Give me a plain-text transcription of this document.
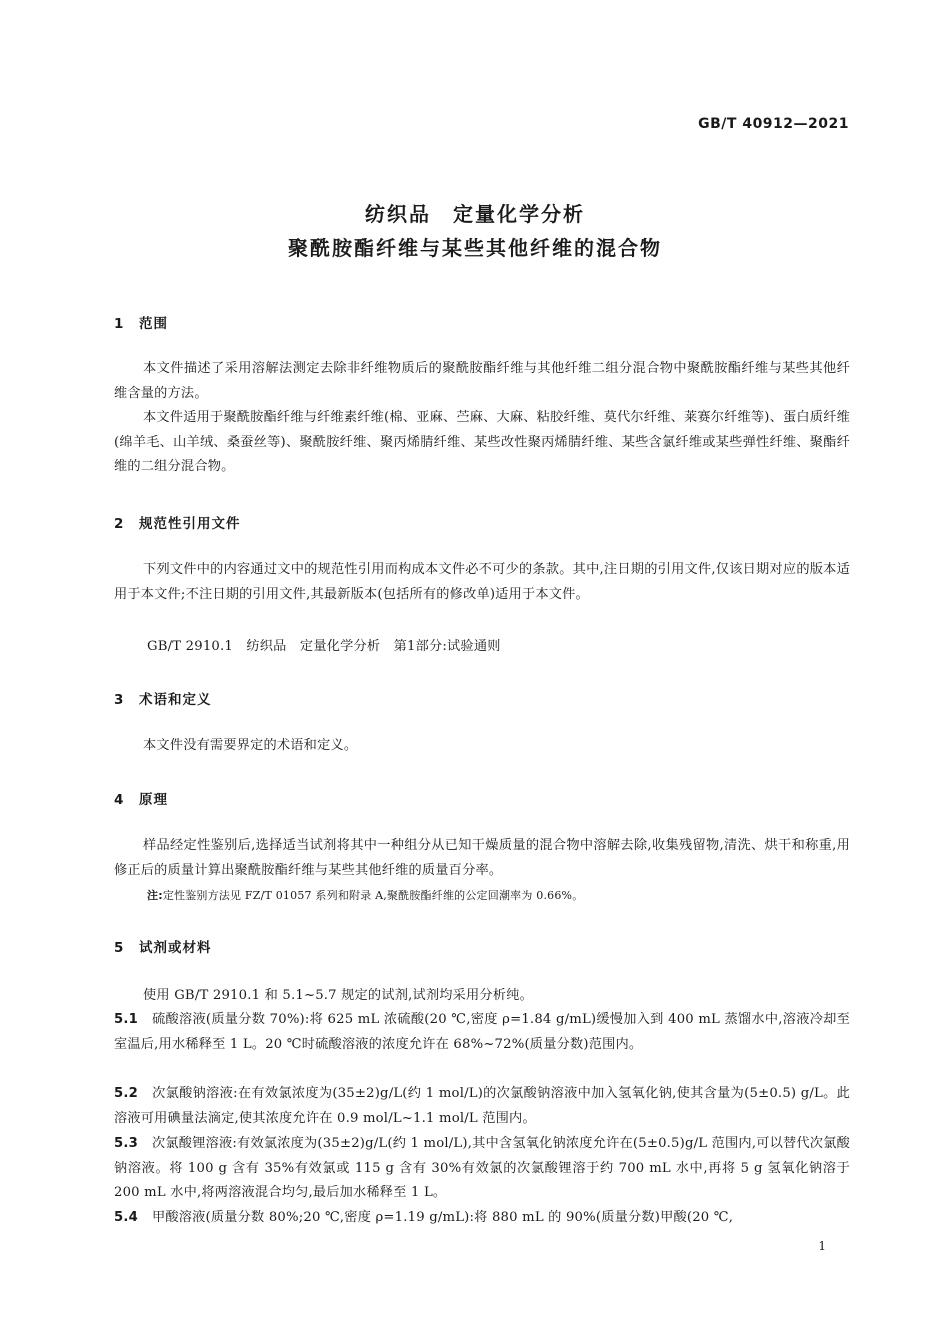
GB/T 40912—2021
纺织品　定量化学分析
聚酰胺酯纤维与某些其他纤维的混合物
1 范围

本文件描述了采用溶解法测定去除非纤维物质后的聚酰胺酯纤维与其他纤维二组分混合物中聚酰胺酯纤维与某些其他纤维含量的方法。

本文件适用于聚酰胺酯纤维与纤维素纤维(棉、亚麻、苎麻、大麻、粘胶纤维、莫代尔纤维、莱赛尔纤维等)、蛋白质纤维(绵羊毛、山羊绒、桑蚕丝等)、聚酰胺纤维、聚丙烯腈纤维、某些改性聚丙烯腈纤维、某些含氯纤维或某些弹性纤维、聚酯纤维的二组分混合物。

2 规范性引用文件

下列文件中的内容通过文中的规范性引用而构成本文件必不可少的条款。其中,注日期的引用文件,仅该日期对应的版本适用于本文件;不注日期的引用文件,其最新版本(包括所有的修改单)适用于本文件。

GB/T 2910.1　纺织品　定量化学分析　第1部分:试验通则
3 术语和定义

本文件没有需要界定的术语和定义。

4 原理

样品经定性鉴别后,选择适当试剂将其中一种组分从已知干燥质量的混合物中溶解去除,收集残留物,清洗、烘干和称重,用修正后的质量计算出聚酰胺酯纤维与某些其他纤维的质量百分率。

注:定性鉴别方法见 FZ/T 01057 系列和附录 A,聚酰胺酯纤维的公定回潮率为 0.66%。
5 试剂或材料

使用 GB/T 2910.1 和 5.1~5.7 规定的试剂,试剂均采用分析纯。

5.1 硫酸溶液(质量分数 70%):将 625 mL 浓硫酸(20 ℃,密度 ρ=1.84 g/mL)缓慢加入到 400 mL 蒸馏水中,溶液冷却至室温后,用水稀释至 1 L。20 ℃时硫酸溶液的浓度允许在 68%~72%(质量分数)范围内。

5.2 次氯酸钠溶液:在有效氯浓度为(35±2)g/L(约 1 mol/L)的次氯酸钠溶液中加入氢氧化钠,使其含量为(5±0.5) g/L。此溶液可用碘量法滴定,使其浓度允许在 0.9 mol/L~1.1 mol/L 范围内。

5.3 次氯酸锂溶液:有效氯浓度为(35±2)g/L(约 1 mol/L),其中含氢氧化钠浓度允许在(5±0.5)g/L 范围内,可以替代次氯酸钠溶液。将 100 g 含有 35%有效氯或 115 g 含有 30%有效氯的次氯酸锂溶于约 700 mL 水中,再将 5 g 氢氧化钠溶于 200 mL 水中,将两溶液混合均匀,最后加水稀释至 1 L。

5.4 甲酸溶液(质量分数 80%;20 ℃,密度 ρ=1.19 g/mL):将 880 mL 的 90%(质量分数)甲酸(20 ℃,

1
